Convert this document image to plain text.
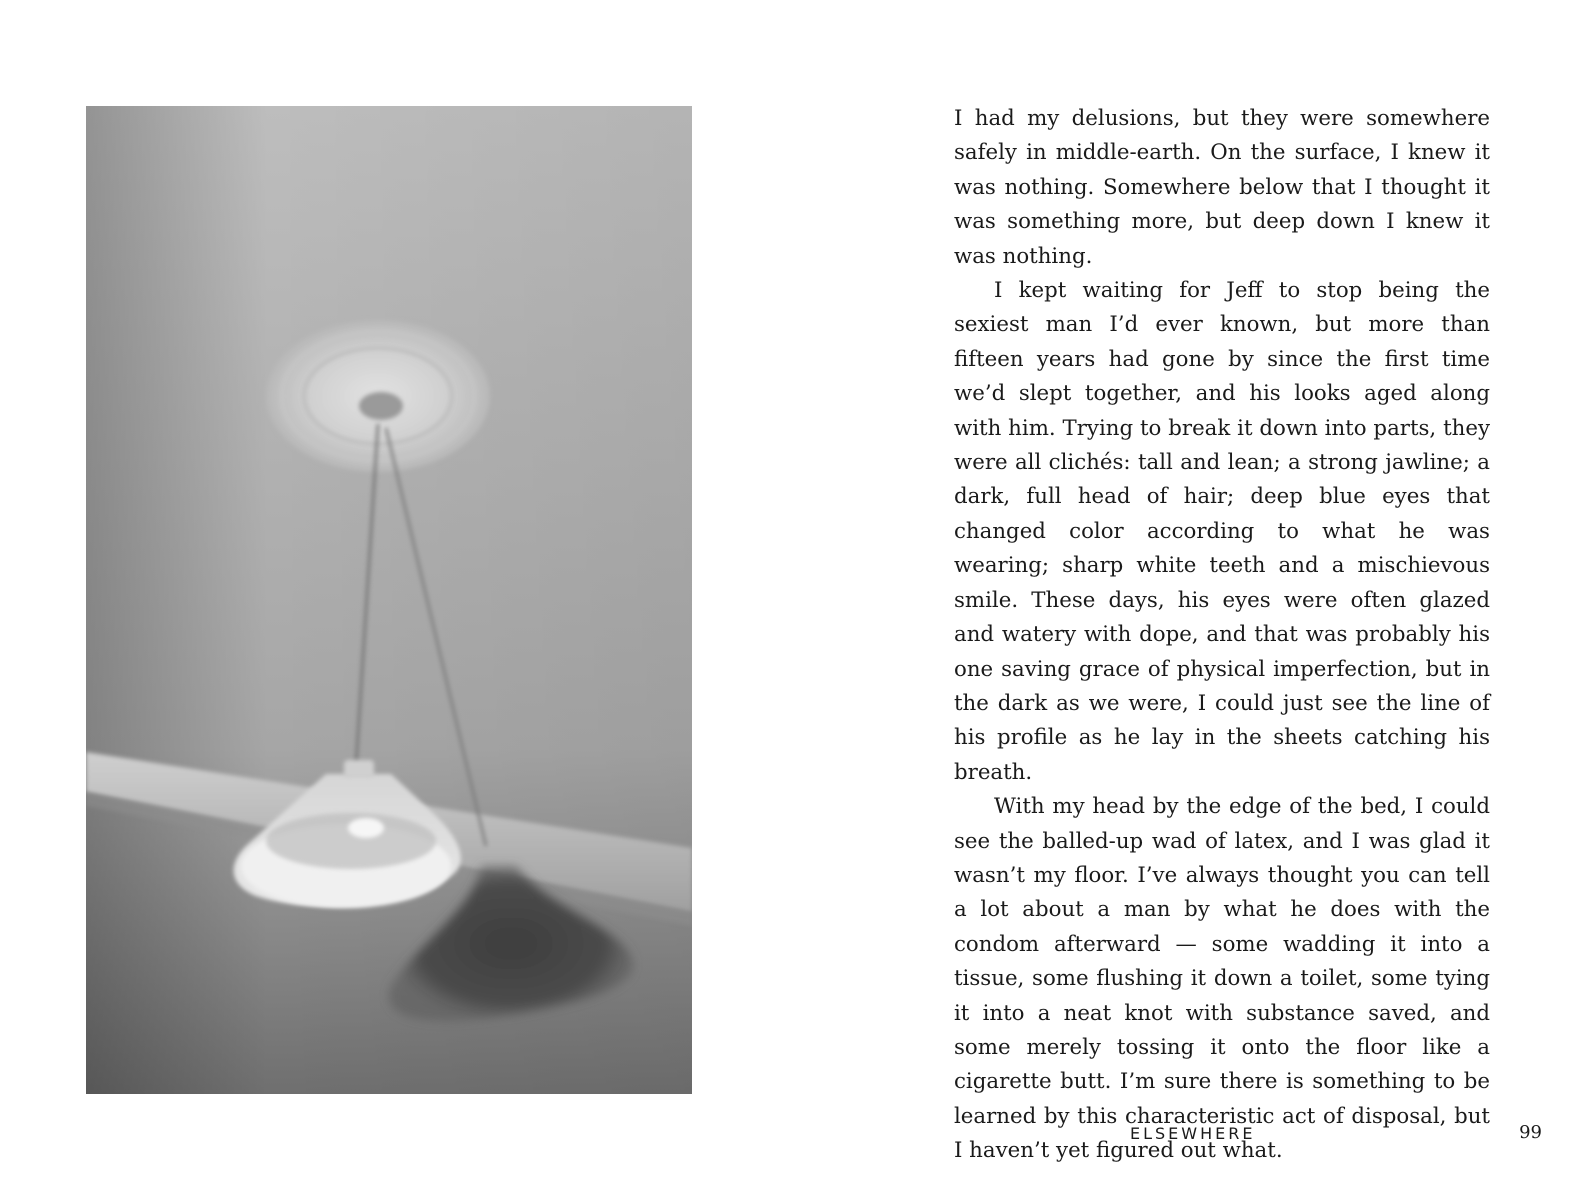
I had my delusions, but they were somewhere safely in middle-earth. On the surface, I knew it was nothing. Somewhere below that I thought it was something more, but deep down I knew it was nothing.

I kept waiting for Jeff to stop being the sexiest man I’d ever known, but more than fifteen years had gone by since the first time we’d slept together, and his looks aged along with him. Trying to break it down into parts, they were all clichés: tall and lean; a strong jawline; a dark, full head of hair; deep blue eyes that changed color according to what he was wearing; sharp white teeth and a mischievous smile. These days, his eyes were often glazed and watery with dope, and that was probably his one saving grace of physical imperfection, but in the dark as we were, I could just see the line of his profile as he lay in the sheets catching his breath.

With my head by the edge of the bed, I could see the balled-up wad of latex, and I was glad it wasn’t my floor. I’ve always thought you can tell a lot about a man by what he does with the condom afterward — some wadding it into a tissue, some flushing it down a toilet, some tying it into a neat knot with substance saved, and some merely tossing it onto the floor like a cigarette butt. I’m sure there is something to be learned by this characteristic act of disposal, but I haven’t yet figured out what.

ELSEWHERE	99
